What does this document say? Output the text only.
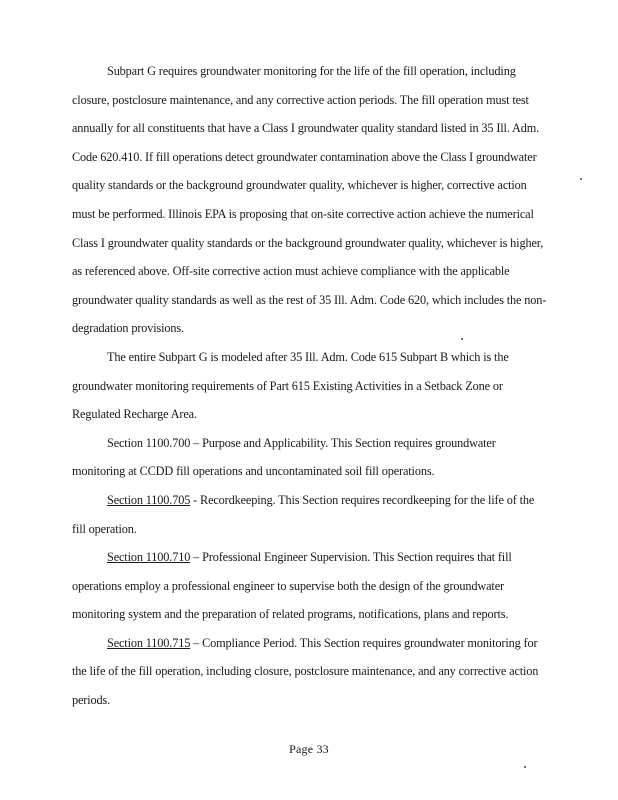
Subpart G requires groundwater monitoring for the life of the fill operation, including closure, postclosure maintenance, and any corrective action periods. The fill operation must test annually for all constituents that have a Class I groundwater quality standard listed in 35 Ill. Adm. Code 620.410. If fill operations detect groundwater contamination above the Class I groundwater quality standards or the background groundwater quality, whichever is higher, corrective action must be performed. Illinois EPA is proposing that on-site corrective action achieve the numerical Class I groundwater quality standards or the background groundwater quality, whichever is higher, as referenced above. Off-site corrective action must achieve compliance with the applicable groundwater quality standards as well as the rest of 35 Ill. Adm. Code 620, which includes the non-degradation provisions.

The entire Subpart G is modeled after 35 Ill. Adm. Code 615 Subpart B which is the groundwater monitoring requirements of Part 615 Existing Activities in a Setback Zone or Regulated Recharge Area.

Section 1100.700 – Purpose and Applicability. This Section requires groundwater monitoring at CCDD fill operations and uncontaminated soil fill operations.

Section 1100.705 - Recordkeeping. This Section requires recordkeeping for the life of the fill operation.

Section 1100.710 – Professional Engineer Supervision. This Section requires that fill operations employ a professional engineer to supervise both the design of the groundwater monitoring system and the preparation of related programs, notifications, plans and reports.

Section 1100.715 – Compliance Period. This Section requires groundwater monitoring for the life of the fill operation, including closure, postclosure maintenance, and any corrective action periods.

Page 33
